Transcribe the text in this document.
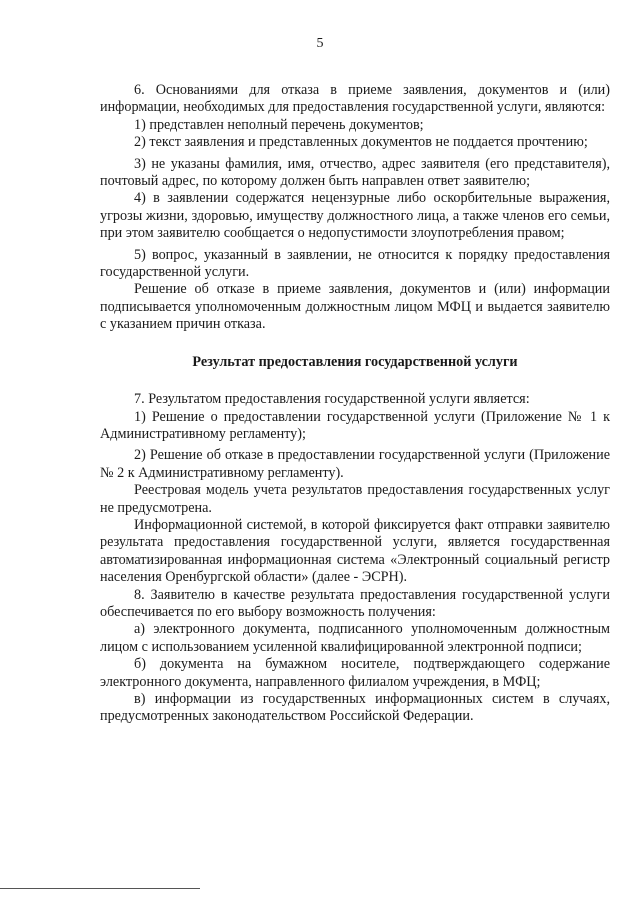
5

6. Основаниями для отказа в приеме заявления, документов и (или) информации, необходимых для предоставления государственной услуги, являются:

1) представлен неполный перечень документов;

2) текст заявления и представленных документов не поддается прочтению;

3) не указаны фамилия, имя, отчество, адрес заявителя (его представителя), почтовый адрес, по которому должен быть направлен ответ заявителю;

4) в заявлении содержатся нецензурные либо оскорбительные выражения, угрозы жизни, здоровью, имуществу должностного лица, а также членов его семьи, при этом заявителю сообщается о недопустимости злоупотребления правом;

5) вопрос, указанный в заявлении, не относится к порядку предоставления государственной услуги.

Решение об отказе в приеме заявления, документов и (или) информации подписывается уполномоченным должностным лицом МФЦ и выдается заявителю с указанием причин отказа.

Результат предоставления государственной услуги

7. Результатом предоставления государственной услуги является:

1) Решение о предоставлении государственной услуги (Приложение № 1 к Административному регламенту);

2) Решение об отказе в предоставлении государственной услуги (Приложение № 2 к Административному регламенту).

Реестровая модель учета результатов предоставления государственных услуг не предусмотрена.

Информационной системой, в которой фиксируется факт отправки заявителю результата предоставления государственной услуги, является государственная автоматизированная информационная система «Электронный социальный регистр населения Оренбургской области» (далее - ЭСРН).

8. Заявителю в качестве результата предоставления государственной услуги обеспечивается по его выбору возможность получения:

а) электронного документа, подписанного уполномоченным должностным лицом с использованием усиленной квалифицированной электронной подписи;

б) документа на бумажном носителе, подтверждающего содержание электронного документа, направленного филиалом учреждения, в МФЦ;

в) информации из государственных информационных систем в случаях, предусмотренных законодательством Российской Федерации.
